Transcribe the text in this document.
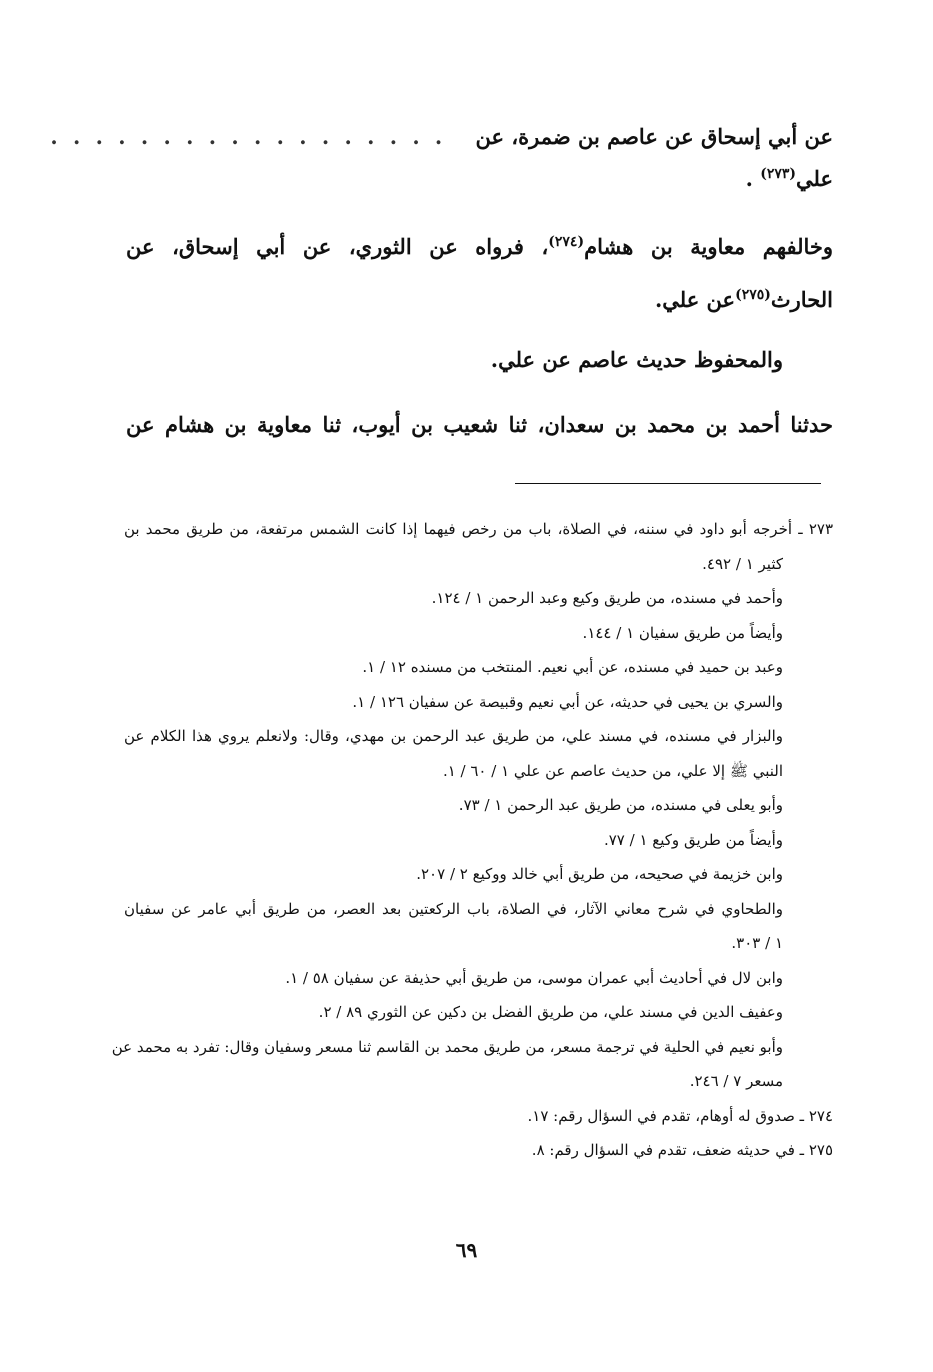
عن أبي إسحاق عن عاصم بن ضمرة، عن    . . . . . . . . . . . . . . . . . .
علي$^{(٢٧٣)}$ .
وخالفهم معاوية بن هشام$^{(٢٧٤)}$، فرواه عن الثوري، عن أبي إسحاق، عن
الحارث$^{(٢٧٥)}$عن علي.
والمحفوظ حديث عاصم عن علي.
حدثنا أحمد بن محمد بن سعدان، ثنا شعيب بن أيوب، ثنا معاوية بن هشام عن
٢٧٣ ـ أخرجه أبو داود في سننه، في الصلاة، باب من رخص فيهما إذا كانت الشمس مرتفعة، من طريق محمد بن
كثير ١ / ٤٩٢.
وأحمد في مسنده، من طريق وكيع وعبد الرحمن ١ / ١٢٤.
وأيضاً من طريق سفيان ١ / ١٤٤.
وعبد بن حميد في مسنده، عن أبي نعيم. المنتخب من مسنده ١٢ / ١.
والسري بن يحيى في حديثه، عن أبي نعيم وقبيصة عن سفيان ١٢٦ / ١.
والبزار في مسنده، في مسند علي، من طريق عبد الرحمن بن مهدي، وقال: ولانعلم يروي هذا الكلام عن
النبي ﷺ إلا علي، من حديث عاصم عن علي ١ / ٦٠ / ١.
وأبو يعلى في مسنده، من طريق عبد الرحمن ١ / ٧٣.
وأيضاً من طريق وكيع ١ / ٧٧.
وابن خزيمة في صحيحه، من طريق أبي خالد ووكيع ٢ / ٢٠٧.
والطحاوي في شرح معاني الآثار، في الصلاة، باب الركعتين بعد العصر، من طريق أبي عامر عن سفيان
١ / ٣٠٣.
وابن لال في أحاديث أبي عمران موسى، من طريق أبي حذيفة عن سفيان ٥٨ / ١.
وعفيف الدين في مسند علي، من طريق الفضل بن دكين عن الثوري ٨٩ / ٢.
وأبو نعيم في الحلية في ترجمة مسعر، من طريق محمد بن القاسم ثنا مسعر وسفيان وقال: تفرد به محمد عن
مسعر ٧ / ٢٤٦.
٢٧٤ ـ صدوق له أوهام، تقدم في السؤال رقم: ١٧.
٢٧٥ ـ في حديثه ضعف، تقدم في السؤال رقم: ٨.
٦٩
